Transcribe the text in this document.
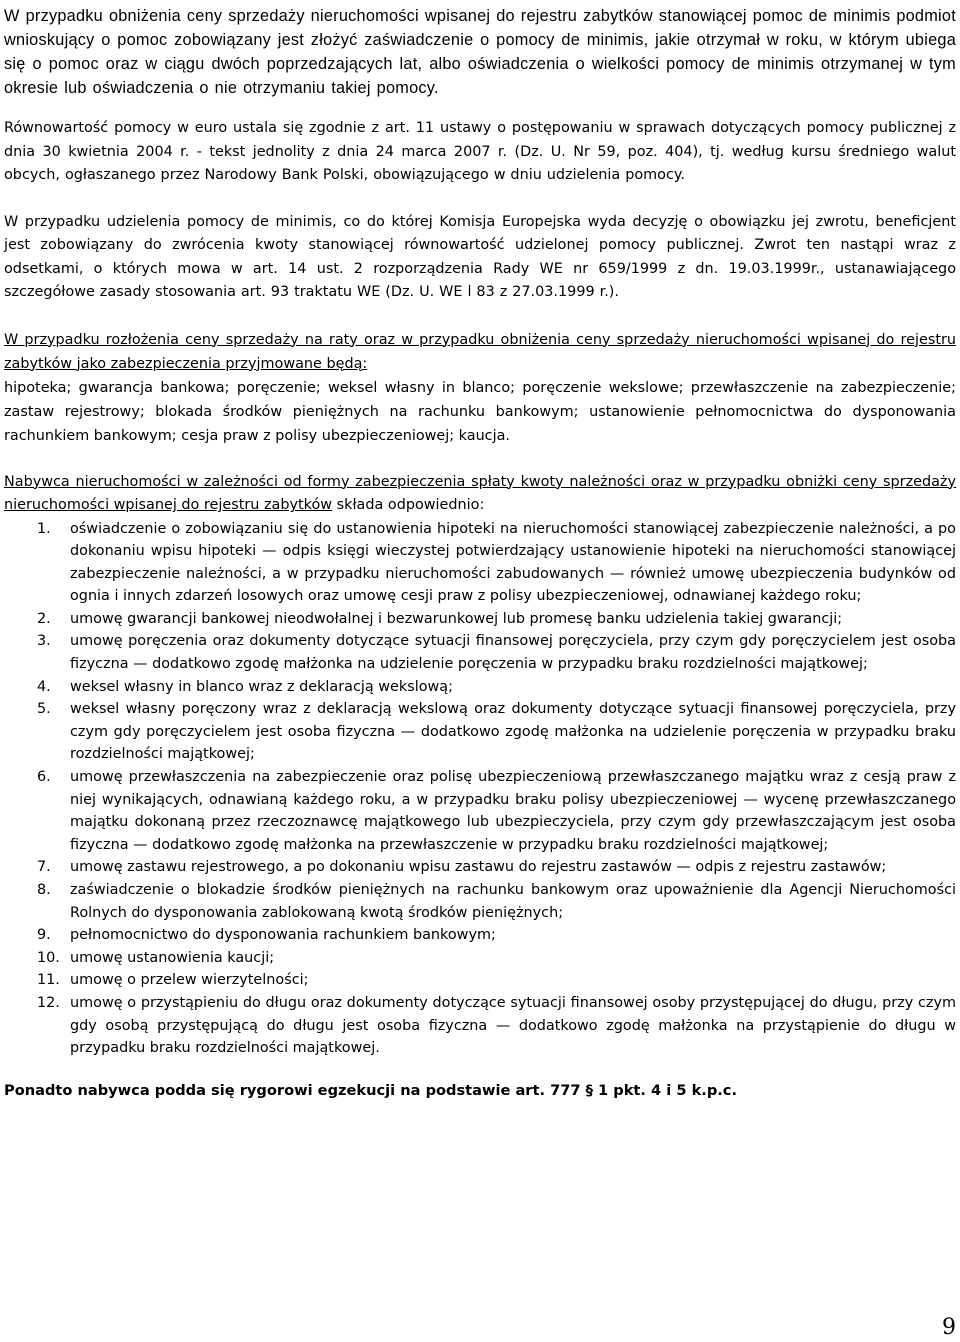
W przypadku obniżenia ceny sprzedaży nieruchomości wpisanej do rejestru zabytków stanowiącej pomoc de minimis podmiot wnioskujący o pomoc zobowiązany jest złożyć zaświadczenie o pomocy de minimis, jakie otrzymał w roku, w którym ubiega się o pomoc oraz w ciągu dwóch poprzedzających lat, albo oświadczenia o wielkości pomocy de minimis otrzymanej w tym okresie lub oświadczenia o nie otrzymaniu takiej pomocy.

Równowartość pomocy w euro ustala się zgodnie z art. 11 ustawy o postępowaniu w sprawach dotyczących pomocy publicznej z dnia 30 kwietnia 2004 r. - tekst jednolity z dnia 24 marca 2007 r. (Dz. U. Nr 59, poz. 404), tj. według kursu średniego walut obcych, ogłaszanego przez Narodowy Bank Polski, obowiązującego w dniu udzielenia pomocy.

W przypadku udzielenia pomocy de minimis, co do której Komisja Europejska wyda decyzję o obowiązku jej zwrotu, beneficjent jest zobowiązany do zwrócenia kwoty stanowiącej równowartość udzielonej pomocy publicznej. Zwrot ten nastąpi wraz z odsetkami, o których mowa w art. 14 ust. 2 rozporządzenia Rady WE nr 659/1999 z dn. 19.03.1999r., ustanawiającego szczegółowe zasady stosowania art. 93 traktatu WE (Dz. U. WE l 83 z 27.03.1999 r.).

W przypadku rozłożenia ceny sprzedaży na raty oraz w przypadku obniżenia ceny sprzedaży nieruchomości wpisanej do rejestru zabytków jako zabezpieczenia przyjmowane będą:
hipoteka; gwarancja bankowa; poręczenie; weksel własny in blanco; poręczenie wekslowe; przewłaszczenie na zabezpieczenie; zastaw rejestrowy; blokada środków pieniężnych na rachunku bankowym; ustanowienie pełnomocnictwa do dysponowania rachunkiem bankowym; cesja praw z polisy ubezpieczeniowej; kaucja.
Nabywca nieruchomości w zależności od formy zabezpieczenia spłaty kwoty należności oraz w przypadku obniżki ceny sprzedaży nieruchomości wpisanej do rejestru zabytków składa odpowiednio:
1. oświadczenie o zobowiązaniu się do ustanowienia hipoteki na nieruchomości stanowiącej zabezpieczenie należności, a po dokonaniu wpisu hipoteki — odpis księgi wieczystej potwierdzający ustanowienie hipoteki na nieruchomości stanowiącej zabezpieczenie należności, a w przypadku nieruchomości zabudowanych — również umowę ubezpieczenia budynków od ognia i innych zdarzeń losowych oraz umowę cesji praw z polisy ubezpieczeniowej, odnawianej każdego roku;
2. umowę gwarancji bankowej nieodwołalnej i bezwarunkowej lub promesę banku udzielenia takiej gwarancji;
3. umowę poręczenia oraz dokumenty dotyczące sytuacji finansowej poręczyciela, przy czym gdy poręczycielem jest osoba fizyczna — dodatkowo zgodę małżonka na udzielenie poręczenia w przypadku braku rozdzielności majątkowej;
4. weksel własny in blanco wraz z deklaracją wekslową;
5. weksel własny poręczony wraz z deklaracją wekslową oraz dokumenty dotyczące sytuacji finansowej poręczyciela, przy czym gdy poręczycielem jest osoba fizyczna — dodatkowo zgodę małżonka na udzielenie poręczenia w przypadku braku rozdzielności majątkowej;
6. umowę przewłaszczenia na zabezpieczenie oraz polisę ubezpieczeniową przewłaszczanego majątku wraz z cesją praw z niej wynikających, odnawianą każdego roku, a w przypadku braku polisy ubezpieczeniowej — wycenę przewłaszczanego majątku dokonaną przez rzeczoznawcę majątkowego lub ubezpieczyciela, przy czym gdy przewłaszczającym jest osoba fizyczna — dodatkowo zgodę małżonka na przewłaszczenie w przypadku braku rozdzielności majątkowej;
7. umowę zastawu rejestrowego, a po dokonaniu wpisu zastawu do rejestru zastawów — odpis z rejestru zastawów;
8. zaświadczenie o blokadzie środków pieniężnych na rachunku bankowym oraz upoważnienie dla Agencji Nieruchomości Rolnych do dysponowania zablokowaną kwotą środków pieniężnych;
9. pełnomocnictwo do dysponowania rachunkiem bankowym;
10. umowę ustanowienia kaucji;
11. umowę o przelew wierzytelności;
12. umowę o przystąpieniu do długu oraz dokumenty dotyczące sytuacji finansowej osoby przystępującej do długu, przy czym gdy osobą przystępującą do długu jest osoba fizyczna — dodatkowo zgodę małżonka na przystąpienie do długu w przypadku braku rozdzielności majątkowej.

Ponadto nabywca podda się rygorowi egzekucji na podstawie art. 777 § 1 pkt. 4 i 5 k.p.c.

9
